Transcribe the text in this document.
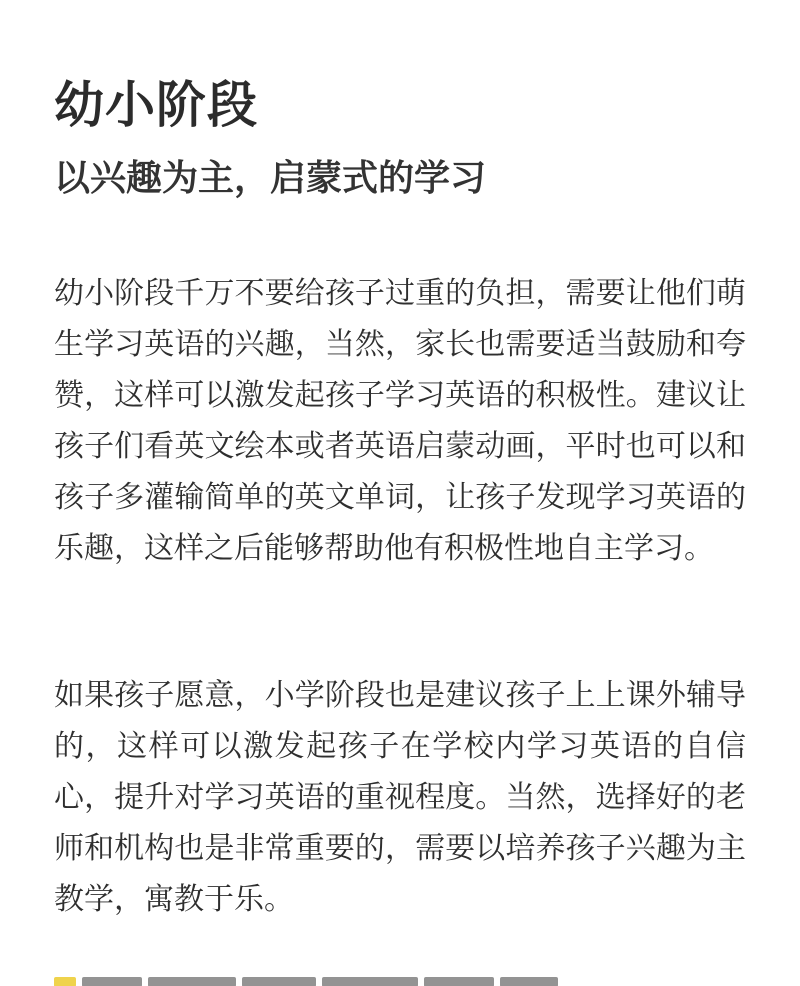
幼小阶段
以兴趣为主，启蒙式的学习

幼小阶段千万不要给孩子过重的负担，需要让他们萌生学习英语的兴趣，当然，家长也需要适当鼓励和夸赞，这样可以激发起孩子学习英语的积极性。建议让孩子们看英文绘本或者英语启蒙动画，平时也可以和孩子多灌输简单的英文单词，让孩子发现学习英语的乐趣，这样之后能够帮助他有积极性地自主学习。

如果孩子愿意，小学阶段也是建议孩子上上课外辅导的，这样可以激发起孩子在学校内学习英语的自信心，提升对学习英语的重视程度。当然，选择好的老师和机构也是非常重要的，需要以培养孩子兴趣为主教学，寓教于乐。
